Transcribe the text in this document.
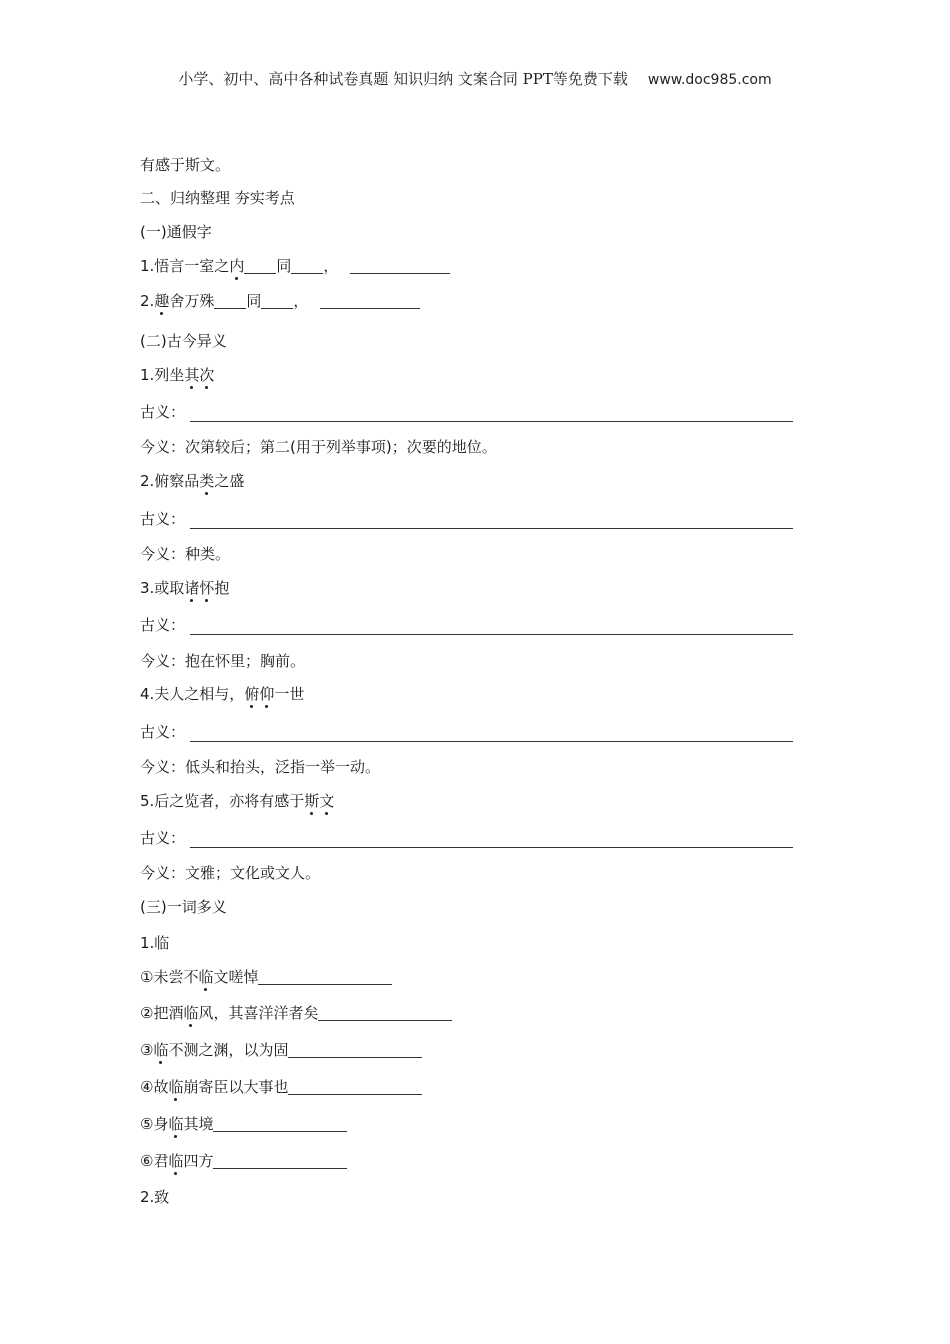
小学、初中、高中各种试卷真题 知识归纳 文案合同 PPT等免费下载 www.doc985.com
有感于斯文。
二、归纳整理 夯实考点
(一)通假字
1.悟言一室之内 同 ，
2.趣舍万殊 同 ，
(二)古今异义
1.列坐其次
古义：
今义：次第较后；第二(用于列举事项)；次要的地位。
2.俯察品类之盛
古义：
今义：种类。
3.或取诸怀抱
古义：
今义：抱在怀里；胸前。
4.夫人之相与，俯仰一世
古义：
今义：低头和抬头，泛指一举一动。
5.后之览者，亦将有感于斯文
古义：
今义：文雅；文化或文人。
(三)一词多义
1.临
①未尝不临文嗟悼
②把酒临风，其喜洋洋者矣
③临不测之渊，以为固
④故临崩寄臣以大事也
⑤身临其境
⑥君临四方
2.致
